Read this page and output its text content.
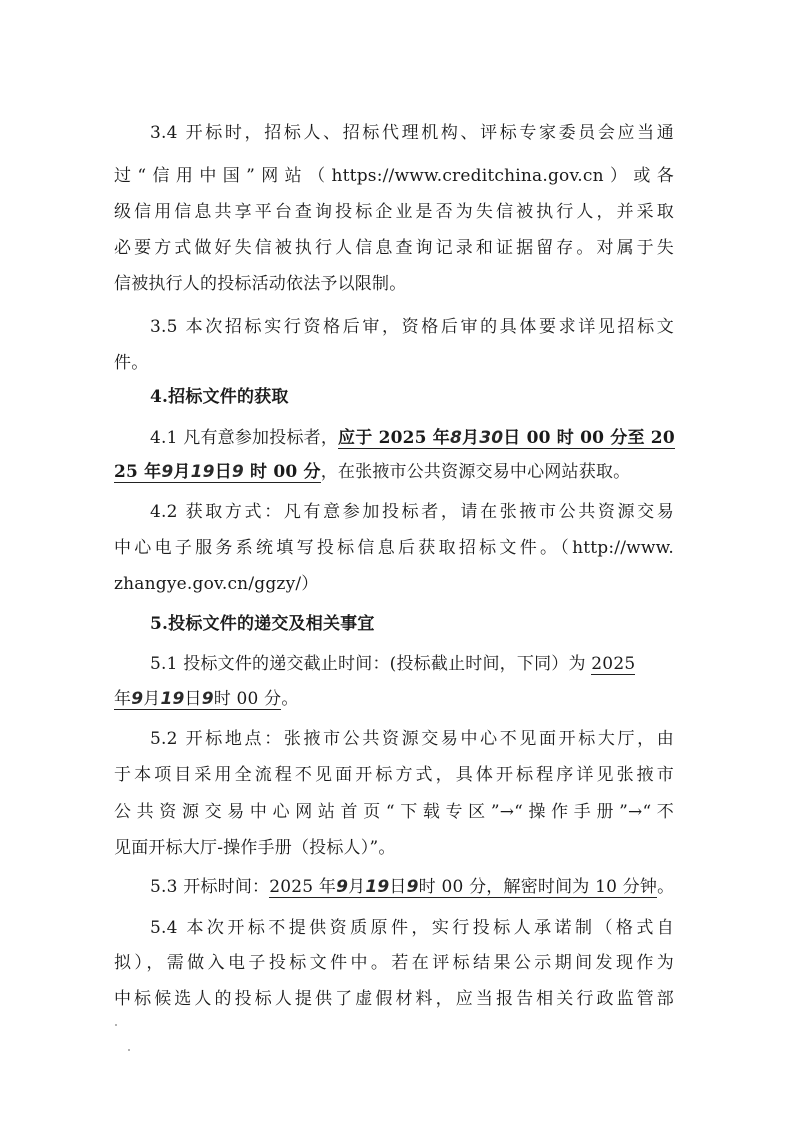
3.4 开标时，招标人、招标代理机构、评标专家委员会应当通
过“信用中国”网站（https://www.creditchina.gov.cn）或各
级信用信息共享平台查询投标企业是否为失信被执行人，并采取
必要方式做好失信被执行人信息查询记录和证据留存。对属于失
信被执行人的投标活动依法予以限制。
3.5 本次招标实行资格后审，资格后审的具体要求详见招标文
件。
4.招标文件的获取
4.1 凡有意参加投标者，应于 2025 年8月30日 00 时 00 分至 20
25 年9月19日9 时 00 分，在张掖市公共资源交易中心网站获取。
4.2 获取方式：凡有意参加投标者，请在张掖市公共资源交易
中心电子服务系统填写投标信息后获取招标文件。（http://www.
zhangye.gov.cn/ggzy/）
5.投标文件的递交及相关事宜
5.1 投标文件的递交截止时间：(投标截止时间，下同）为 2025
年9月19日9时 00 分。
5.2 开标地点：张掖市公共资源交易中心不见面开标大厅，由
于本项目采用全流程不见面开标方式，具体开标程序详见张掖市
公共资源交易中心网站首页“下载专区”→“操作手册”→“不
见面开标大厅-操作手册（投标人）”。
5.3 开标时间：2025 年9月19日9时 00 分，解密时间为 10 分钟。
5.4 本次开标不提供资质原件，实行投标人承诺制（格式自
拟），需做入电子投标文件中。若在评标结果公示期间发现作为
中标候选人的投标人提供了虚假材料，应当报告相关行政监管部
